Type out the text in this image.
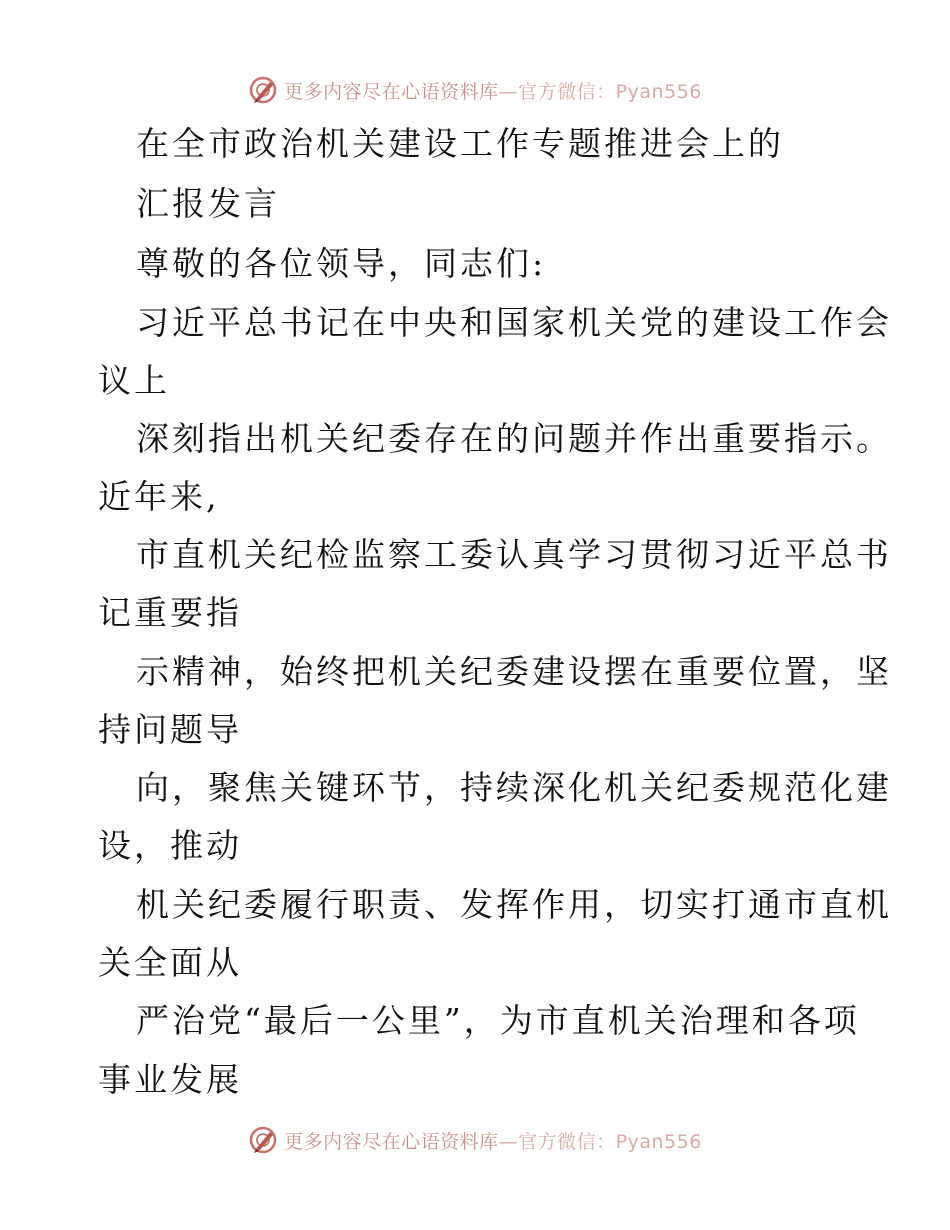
更多内容尽在心语资料库—官方微信：Pyan556
在全市政治机关建设工作专题推进会上的
汇报发言
尊敬的各位领导，同志们:
习近平总书记在中央和国家机关党的建设工作会
议上
深刻指出机关纪委存在的问题并作出重要指示。
近年来,
市直机关纪检监察工委认真学习贯彻习近平总书
记重要指
示精神，始终把机关纪委建设摆在重要位置，坚
持问题导
向，聚焦关键环节，持续深化机关纪委规范化建
设，推动
机关纪委履行职责、发挥作用，切实打通市直机
关全面从
严治党“最后一公里”，为市直机关治理和各项
事业发展
更多内容尽在心语资料库—官方微信：Pyan556
